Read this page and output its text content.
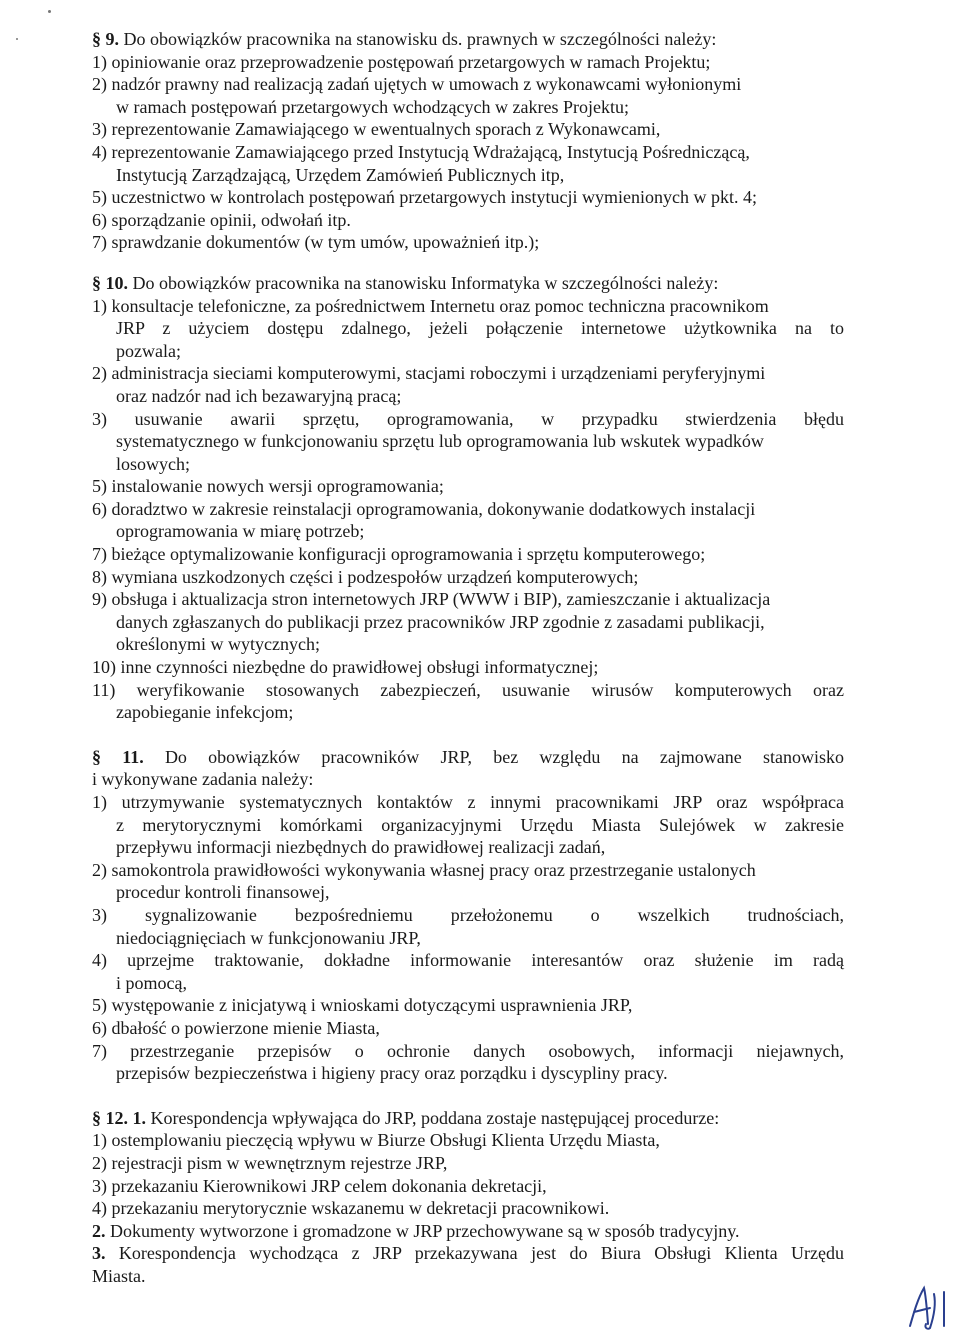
§ 9. Do obowiązków pracownika na stanowisku ds. prawnych w szczególności należy:
1) opiniowanie oraz przeprowadzenie postępowań przetargowych w ramach Projektu;
2) nadzór prawny nad realizacją zadań ujętych w umowach z wykonawcami wyłonionymi
w ramach postępowań przetargowych wchodzących w zakres Projektu;
3) reprezentowanie Zamawiającego w ewentualnych sporach z Wykonawcami,
4) reprezentowanie Zamawiającego przed Instytucją Wdrażającą, Instytucją Pośredniczącą,
Instytucją Zarządzającą, Urzędem Zamówień Publicznych itp,
5) uczestnictwo w kontrolach postępowań przetargowych instytucji wymienionych w pkt. 4;
6) sporządzanie opinii, odwołań itp.
7) sprawdzanie dokumentów (w tym umów, upoważnień itp.);
§ 10. Do obowiązków pracownika na stanowisku Informatyka w szczególności należy:
1) konsultacje telefoniczne, za pośrednictwem Internetu oraz pomoc techniczna pracownikom
JRP z użyciem dostępu zdalnego, jeżeli połączenie internetowe użytkownika na to
pozwala;
2) administracja sieciami komputerowymi, stacjami roboczymi i urządzeniami peryferyjnymi
oraz nadzór nad ich bezawaryjną pracą;
3) usuwanie awarii sprzętu, oprogramowania, w przypadku stwierdzenia błędu
systematycznego w funkcjonowaniu sprzętu lub oprogramowania lub wskutek wypadków
losowych;
5) instalowanie nowych wersji oprogramowania;
6) doradztwo w zakresie reinstalacji oprogramowania, dokonywanie dodatkowych instalacji
oprogramowania w miarę potrzeb;
7) bieżące optymalizowanie konfiguracji oprogramowania i sprzętu komputerowego;
8) wymiana uszkodzonych części i podzespołów urządzeń komputerowych;
9) obsługa i aktualizacja stron internetowych JRP (WWW i BIP), zamieszczanie i aktualizacja
danych zgłaszanych do publikacji przez pracowników JRP zgodnie z zasadami publikacji,
określonymi w wytycznych;
10) inne czynności niezbędne do prawidłowej obsługi informatycznej;
11) weryfikowanie stosowanych zabezpieczeń, usuwanie wirusów komputerowych oraz
zapobieganie infekcjom;
§ 11. Do obowiązków pracowników JRP, bez względu na zajmowane stanowisko
i wykonywane zadania należy:
1) utrzymywanie systematycznych kontaktów z innymi pracownikami JRP oraz współpraca
z merytorycznymi komórkami organizacyjnymi Urzędu Miasta Sulejówek w zakresie
przepływu informacji niezbędnych do prawidłowej realizacji zadań,
2) samokontrola prawidłowości wykonywania własnej pracy oraz przestrzeganie ustalonych
procedur kontroli finansowej,
3) sygnalizowanie bezpośredniemu przełożonemu o wszelkich trudnościach,
niedociągnięciach w funkcjonowaniu JRP,
4) uprzejme traktowanie, dokładne informowanie interesantów oraz służenie im radą
i pomocą,
5) występowanie z inicjatywą i wnioskami dotyczącymi usprawnienia JRP,
6) dbałość o powierzone mienie Miasta,
7) przestrzeganie przepisów o ochronie danych osobowych, informacji niejawnych,
przepisów bezpieczeństwa i higieny pracy oraz porządku i dyscypliny pracy.
§ 12. 1. Korespondencja wpływająca do JRP, poddana zostaje następującej procedurze:
1) ostemplowaniu pieczęcią wpływu w Biurze Obsługi Klienta Urzędu Miasta,
2) rejestracji pism w wewnętrznym rejestrze JRP,
3) przekazaniu Kierownikowi JRP celem dokonania dekretacji,
4) przekazaniu merytorycznie wskazanemu w dekretacji pracownikowi.
2. Dokumenty wytworzone i gromadzone w JRP przechowywane są w sposób tradycyjny.
3. Korespondencja wychodząca z JRP przekazywana jest do Biura Obsługi Klienta Urzędu
Miasta.
